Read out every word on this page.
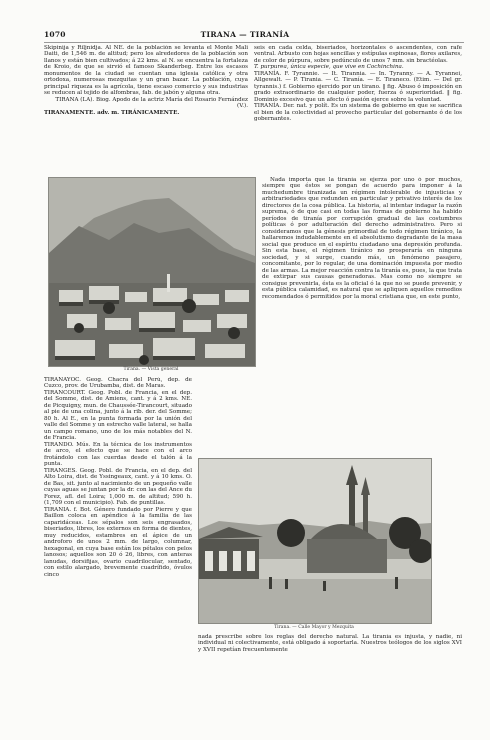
1070	TIRANA — TIRANÍA

Skipinija y Riljnidja. Al NE. de la población se levanta el Monte Mali Daiti, de 1,546 m. de altitud; pero los alrededores de la población son llanos y están bien cultivados; á 22 kms. al N. se encuentra la fortaleza de Kroio, de que se sirvió el famoso Skanderbeg. Entre los escasos monumentos de la ciudad se cuentan una iglesia católica y otra ortodoxa, numerosas mezquitas y un gran bazar. La población, cuya principal riqueza es la agrícola, tiene escaso comercio y sus industrias se reducen al tejido de alfombras, fab. de jabón y alguna otra.

TIRANA (LA). Biog. Apodo de la actriz María del Rosario Fernández (V.).

TIRANAMENTE. adv. m. TIRÁNICAMENTE.

seis en cada celda, biseriados, horizontales ó ascendentes, con rafe ventral. Arbusto con hojas sencillas y estípulas espinosas, flores axilares, de color de púrpura, sobre pedúnculo de unos 7 mm. sin bractéolas.

T. purpurea, única especie, que vive en Cochinchina.

TIRANÍA. F. Tyrannie. — It. Tirannia. — In. Tyranny. — A. Tyrannei, Allgewalt. — P. Tirania. — C. Tiranía. — E. Tiraneco. (Etim. — Del gr. tyrannis.) f. Gobierno ejercido por un tirano. ‖ fig. Abuso ó imposición en grado extraordinario de cualquier poder, fuerza ó superioridad. ‖ fig. Dominio excesivo que un afecto ó pasión ejerce sobre la voluntad.

TIRANÍA. Der. nat. y polít. Es un sistema de gobierno en que se sacrifica el bien de la colectividad al provecho particular del gobernante ó de los gobernantes.

Tirana. — Vista general

Nada importa que la tiranía se ejerza por uno ó por muchos, siempre que éstos se pongan de acuerdo para imponer á la muchedumbre tiranizada un régimen intolerable de injusticias y arbitrariedades que redunden en particular y privativo interés de los directores de la cosa pública. La historia, al intentar indagar la razón suprema, ó de que casi en todas las formas de gobierno ha habido períodos de tiranía por corrupción gradual de las costumbres políticas ó por adulteración del derecho administrativo. Pero si consideramos que la génesis primordial de todo régimen tiránico, la hallaremos indudablemente en el absolutismo degradante de la masa social que produce en el espíritu ciudadano una depresión profunda. Sin esta base, el régimen tiránico no prosperaría en ninguna sociedad, y si surge, cuando más, un fenómeno pasajero, concomitante, por lo regular, de una dominación impuesta por medio de las armas. La mejor reacción contra la tiranía es, pues, la que trata de extirpar sus causas generadoras. Mas como no siempre se consigue prevenirla, ésta es la oficial ó la que no se puede prevenir, y esta pública calamidad, es natural que se apliquen aquellos remedios recomendados ó permitidos por la moral cristiana que, en este punto,

TIRANAYOC. Geog. Chacra del Perú, dep. de Cuzco, prov. de Urubamba, dist. de Maras.

TIRANCOURT. Geog. Pobl. de Francia, en el dep. del Somme, dist. de Amiens, cant. y á 2 kms. NE. de Picquigny, mun. de Chaussée-Tirancourt, situado al pie de una colina, junto á la rib. der. del Somme; 80 h. Al E., en la punta formada por la unión del valle del Somme y un estrecho valle lateral, se halla un campo romano, uno de los más notables del N. de Francia.

TIRANDO. Mús. En la técnica de los instrumentos de arco, el efecto que se hace con el arco frotándolo con las cuerdas desde el talón á la punta.

TIRANGES. Geog. Pobl. de Francia, en el dep. del Alto Loira, dist. de Yssingeaux, cant. y á 10 kms. O. de Bas, sit. junto al nacimiento de un pequeño valle cuyas aguas se juntan por la dr. con las del Ance du Forez, afl. del Loira; 1,000 m. de altitud; 590 h. (1,709 con el municipio). Fab. de puntillas.

TIRANIA. f. Bot. Género fundado por Pierre y que Baillon coloca en apéndice á la familia de las caparidáceas. Los sépalos son seis engrasados, biseriados, libres, los externos en forma de dientes, muy reducidos, estambres en el ápice de un androforo de unos 2 mm. de largo, columnar, hexagonal, en cuya base están los pétalos con pelos lanosos; aquellos son 20 ó 26, libres, con anteras lanudas, dorsifijas, ovario cuadrilocular, sentado, con estilo alargado, brevemente cuadrífido, óvulos cinco

Tirana. — Calle Mayor y Mezquita

nada prescribe sobre los reglas del derecho natural. La tiranía es injusta, y nadie, ni individual ni colectivamente, está obligado á soportarla. Nuestros teólogos de los siglos XVI y XVII repetían frecuentemente
